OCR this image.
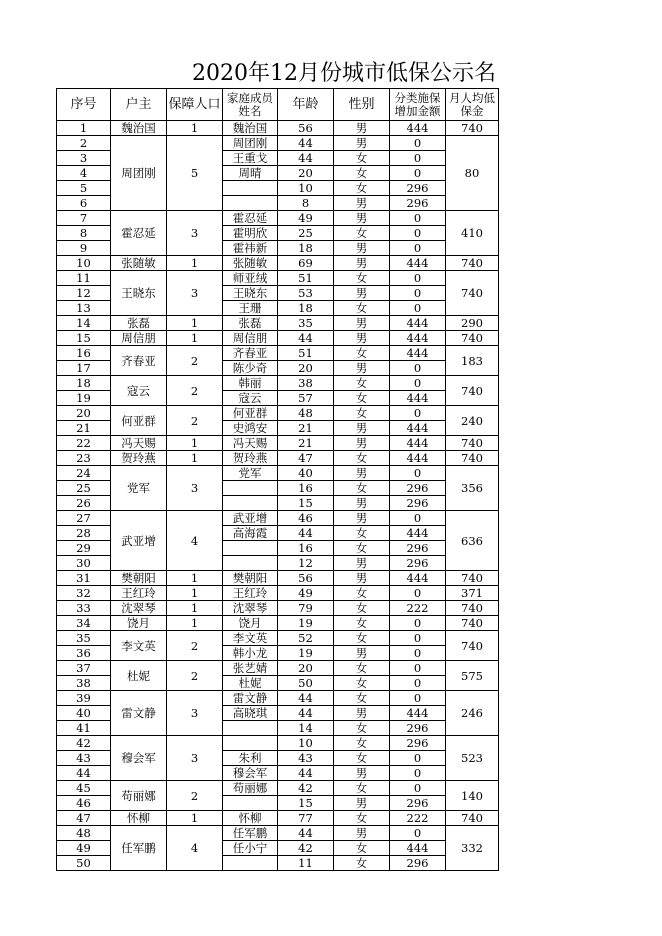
2020年12月份城市低保公示名
序号	户主	保障人口	家庭成员姓名	年龄	性别	分类施保增加金额	月人均低保金
1	魏治国	1	魏治国	56	男	444	740
2	周团刚	5	周团刚	44	男	0	80
3			王重戈	44	女	0	
4			周晴	20	女	0	
5				10	女	296	
6				8	男	296	
7	霍忍延	3	霍忍延	49	男	0	410
8			霍明欣	25	女	0	
9			霍祎新	18	男	0	
10	张随敏	1	张随敏	69	男	444	740
11	王晓东	3	师亚绒	51	女	0	740
12			王晓东	53	男	0	
13			王珊	18	女	0	
14	张磊	1	张磊	35	男	444	290
15	周信朋	1	周信朋	44	男	444	740
16	齐春亚	2	齐春亚	51	女	444	183
17			陈少奇	20	男	0	
18	寇云	2	韩丽	38	女	0	740
19			寇云	57	女	444	
20	何亚群	2	何亚群	48	女	0	240
21			史鸿安	21	男	444	
22	冯天赐	1	冯天赐	21	男	444	740
23	贺玲燕	1	贺玲燕	47	女	444	740
24	党军	3	党军	40	男	0	356
25				16	女	296	
26				15	男	296	
27	武亚增	4	武亚增	46	男	0	636
28			高海霞	44	女	444	
29				16	女	296	
30				12	男	296	
31	樊朝阳	1	樊朝阳	56	男	444	740
32	王红玲	1	王红玲	49	女	0	371
33	沈翠琴	1	沈翠琴	79	女	222	740
34	饶月	1	饶月	19	女	0	740
35	李文英	2	李文英	52	女	0	740
36			韩小龙	19	男	0	
37	杜妮	2	张艺婧	20	女	0	575
38			杜妮	50	女	0	
39	雷文静	3	雷文静	44	女	0	246
40			高晓琪	44	男	444	
41				14	女	296	
42	穆会军	3		10	女	296	523
43			朱利	43	女	0	
44			穆会军	44	男	0	
45	苟丽娜	2	苟丽娜	42	女	0	140
46				15	男	296	
47	怀柳	1	怀柳	77	女	222	740
48	任军鹏	4	任军鹏	44	男	0	332
49			任小宁	42	女	444	
50				11	女	296	
